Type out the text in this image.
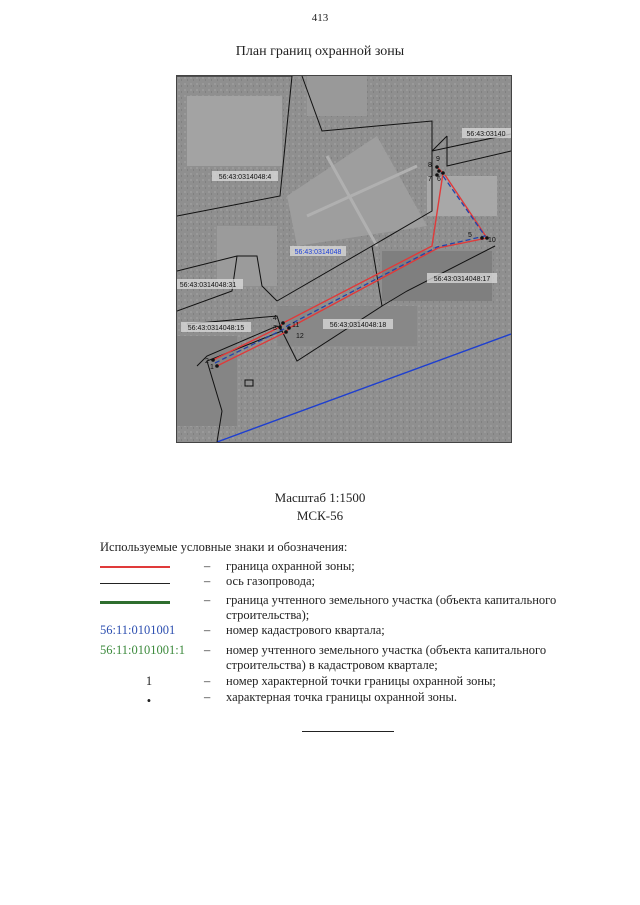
413
План границ охранной зоны
56:43:0314048:4
56:43:03140
56:43:0314048
56:43:0314048:17
56:43:0314048:31
56:43:0314048:15	56:43:0314048:18
1
2
3
4
5
6
7
8
9
10
11
12
Масштаб 1:1500
МСК-56
Используемые условные знаки и обозначения:
– граница охранной зоны;
– ось газопровода;
– граница учтенного земельного участка (объекта капитального строительства);
56:11:0101001	– номер кадастрового квартала;
56:11:0101001:1	– номер учтенного земельного участка (объекта капитального строительства) в кадастровом квартале;
1	– номер характерной точки границы охранной зоны;
•	– характерная точка границы охранной зоны.
